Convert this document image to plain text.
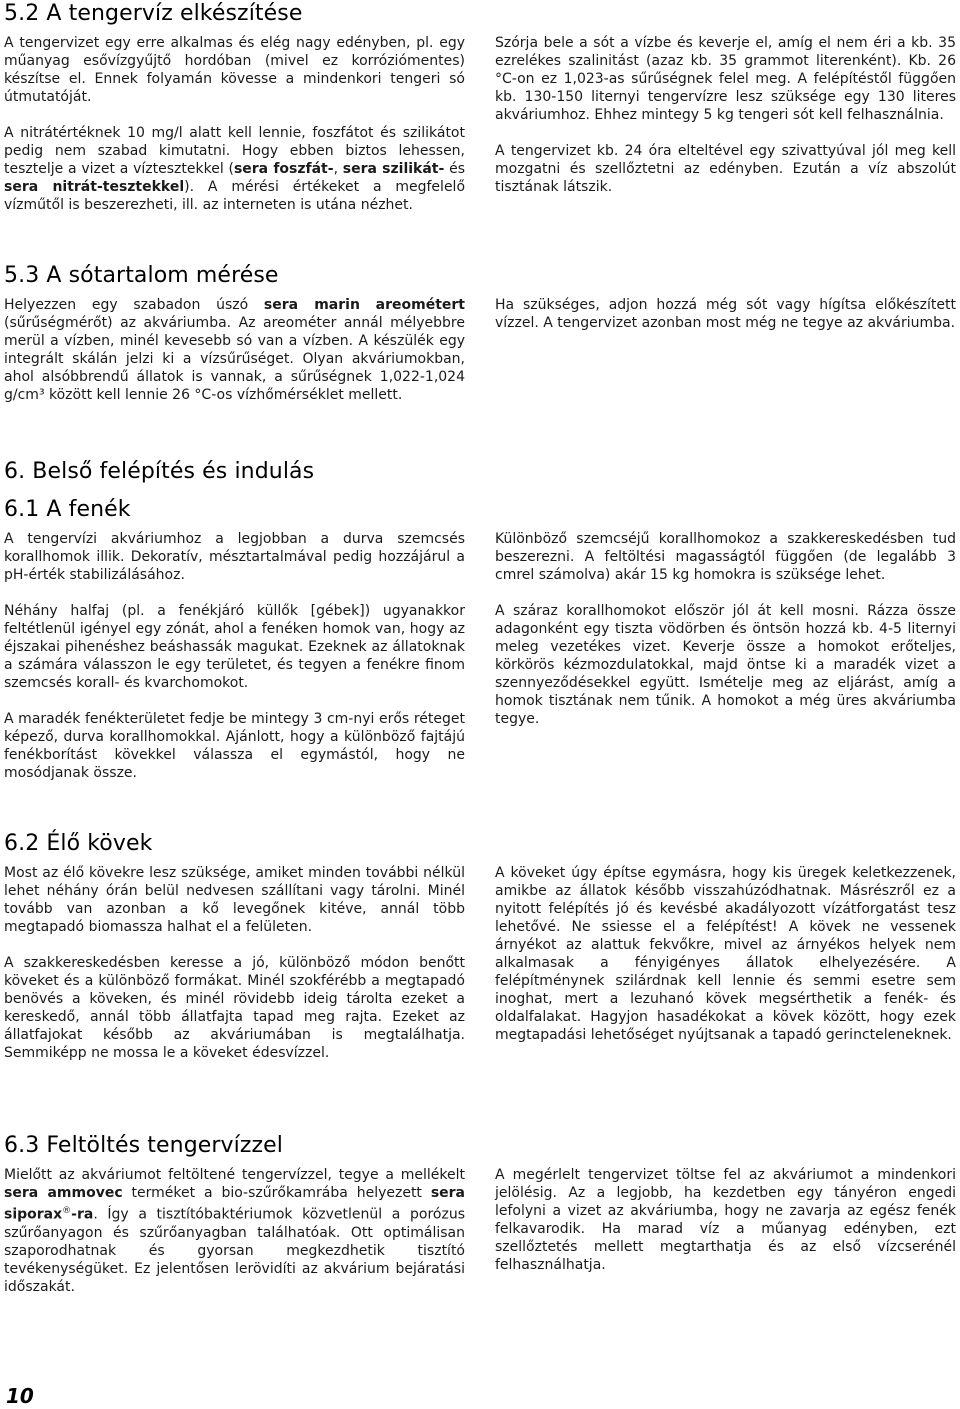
5.2 A tengervíz elkészítése

A tengervizet egy erre alkalmas és elég nagy edényben, pl. egy műanyag esővízgyűjtő hordóban (mivel ez korróziómentes) készítse el. Ennek folyamán kövesse a mindenkori tengeri só útmutatóját.

A nitrátértéknek 10 mg/l alatt kell lennie, foszfátot és szilikátot pedig nem szabad kimutatni. Hogy ebben biztos lehessen, tesztelje a vizet a víztesztekkel (sera foszfát-, sera szilikát- és sera nitrát-tesztekkel). A mérési értékeket a megfelelő vízműtől is beszerezheti, ill. az interneten is utána nézhet.

Szórja bele a sót a vízbe és keverje el, amíg el nem éri a kb. 35 ezrelékes szalinitást (azaz kb. 35 grammot literenként). Kb. 26 °C-on ez 1,023-as sűrűségnek felel meg. A felépítéstől függően kb. 130-150 liternyi tengervízre lesz szüksége egy 130 literes akváriumhoz. Ehhez mintegy 5 kg tengeri sót kell felhasználnia.

A tengervizet kb. 24 óra elteltével egy szivattyúval jól meg kell mozgatni és szellőztetni az edényben. Ezután a víz abszolút tisztának látszik.

5.3 A sótartalom mérése

Helyezzen egy szabadon úszó sera marin areométert (sűrűségmérőt) az akváriumba. Az areométer annál mélyebbre merül a vízben, minél kevesebb só van a vízben. A készülék egy integrált skálán jelzi ki a vízsűrűséget. Olyan akváriumokban, ahol alsóbbrendű állatok is vannak, a sűrűségnek 1,022-1,024 g/cm³ között kell lennie 26 °C-os vízhőmérséklet mellett.

Ha szükséges, adjon hozzá még sót vagy hígítsa előkészített vízzel. A tengervizet azonban most még ne tegye az akváriumba.

6. Belső felépítés és indulás
6.1 A fenék

A tengervízi akváriumhoz a legjobban a durva szemcsés korallhomok illik. Dekoratív, mésztartalmával pedig hozzájárul a pH-érték stabilizálásához.

Néhány halfaj (pl. a fenékjáró küllők [gébek]) ugyanakkor feltétlenül igényel egy zónát, ahol a fenéken homok van, hogy az éjszakai pihenéshez beáshassák magukat. Ezeknek az állatoknak a számára válasszon le egy területet, és tegyen a fenékre finom szemcsés korall- és kvarchomokot.

A maradék fenékterületet fedje be mintegy 3 cm-nyi erős réteget képező, durva korallhomokkal. Ajánlott, hogy a különböző fajtájú fenékborítást kövekkel válassza el egymástól, hogy ne mosódjanak össze.

Különböző szemcséjű korallhomokoz a szakkereskedésben tud beszerezni. A feltöltési magasságtól függően (de legalább 3 cmrel számolva) akár 15 kg homokra is szüksége lehet.

A száraz korallhomokot először jól át kell mosni. Rázza össze adagonként egy tiszta vödörben és öntsön hozzá kb. 4-5 liternyi meleg vezetékes vizet. Keverje össze a homokot erőteljes, körkörös kézmozdulatokkal, majd öntse ki a maradék vizet a szennyeződésekkel együtt. Ismételje meg az eljárást, amíg a homok tisztának nem tűnik. A homokot a még üres akváriumba tegye.

6.2 Élő kövek

Most az élő kövekre lesz szüksége, amiket minden további nélkül lehet néhány órán belül nedvesen szállítani vagy tárolni. Minél tovább van azonban a kő levegőnek kitéve, annál több megtapadó biomassza halhat el a felületen.

A szakkereskedésben keresse a jó, különböző módon benőtt köveket és a különböző formákat. Minél szokférébb a megtapadó benövés a köveken, és minél rövidebb ideig tárolta ezeket a kereskedő, annál több állatfajta tapad meg rajta. Ezeket az állatfajokat később az akváriumában is megtalálhatja. Semmiképp ne mossa le a köveket édesvízzel.

A köveket úgy építse egymásra, hogy kis üregek keletkezzenek, amikbe az állatok később visszahúzódhatnak. Másrészről ez a nyitott felépítés jó és kevésbé akadályozott vízátforgatást tesz lehetővé. Ne ssiesse el a felépítést! A kövek ne vessenek árnyékot az alattuk fekvőkre, mivel az árnyékos helyek nem alkalmasak a fényigényes állatok elhelyezésére. A felépítménynek szilárdnak kell lennie és semmi esetre sem inoghat, mert a lezuhanó kövek megsérthetik a fenék- és oldalfalakat. Hagyjon hasadékokat a kövek között, hogy ezek megtapadási lehetőséget nyújtsanak a tapadó gerincteleneknek.

6.3 Feltöltés tengervízzel

Mielőtt az akváriumot feltöltené tengervízzel, tegye a mellékelt sera ammovec terméket a bio-szűrőkamrába helyezett sera siporax®-ra. Így a tisztítóbaktériumok közvetlenül a porózus szűrőanyagon és szűrőanyagban találhatóak. Ott optimálisan szaporodhatnak és gyorsan megkezdhetik tisztító tevékenységüket. Ez jelentősen lerövidíti az akvárium bejáratási időszakát.

A megérlelt tengervizet töltse fel az akváriumot a mindenkori jelölésig. Az a legjobb, ha kezdetben egy tányéron engedi lefolyni a vizet az akváriumba, hogy ne zavarja az egész fenék felkavarodik. Ha marad víz a műanyag edényben, ezt szellőztetés mellett megtarthatja és az első vízcserénél felhasználhatja.

10
